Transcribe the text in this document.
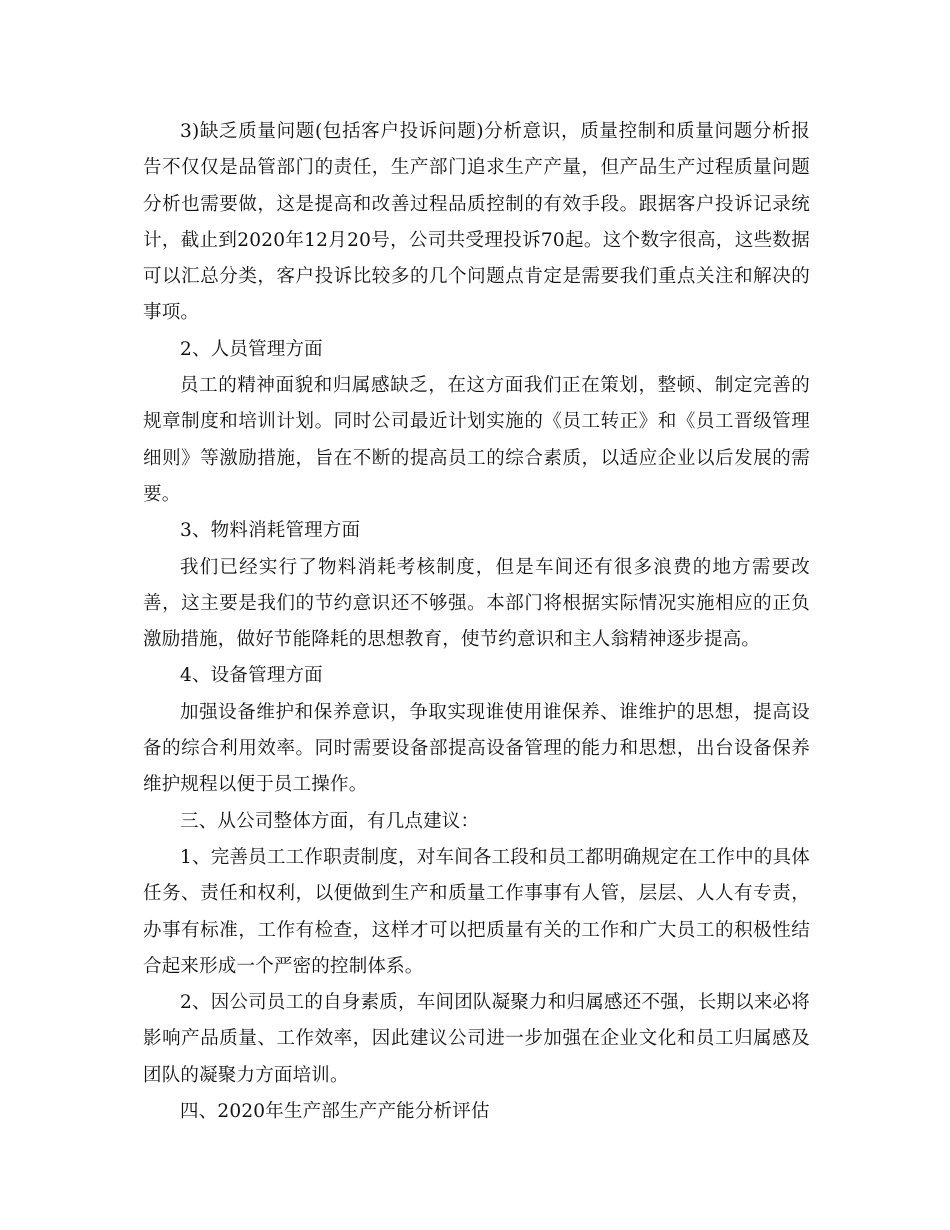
3)缺乏质量问题(包括客户投诉问题)分析意识，质量控制和质量问题分析报告不仅仅是品管部门的责任，生产部门追求生产产量，但产品生产过程质量问题分析也需要做，这是提高和改善过程品质控制的有效手段。跟据客户投诉记录统计，截止到2020年12月20号，公司共受理投诉70起。这个数字很高，这些数据可以汇总分类，客户投诉比较多的几个问题点肯定是需要我们重点关注和解决的事项。

2、人员管理方面

员工的精神面貌和归属感缺乏，在这方面我们正在策划，整顿、制定完善的规章制度和培训计划。同时公司最近计划实施的《员工转正》和《员工晋级管理细则》等激励措施，旨在不断的提高员工的综合素质，以适应企业以后发展的需要。

3、物料消耗管理方面

我们已经实行了物料消耗考核制度，但是车间还有很多浪费的地方需要改善，这主要是我们的节约意识还不够强。本部门将根据实际情况实施相应的正负激励措施，做好节能降耗的思想教育，使节约意识和主人翁精神逐步提高。

4、设备管理方面

加强设备维护和保养意识，争取实现谁使用谁保养、谁维护的思想，提高设备的综合利用效率。同时需要设备部提高设备管理的能力和思想，出台设备保养维护规程以便于员工操作。

三、从公司整体方面，有几点建议：

1、完善员工工作职责制度，对车间各工段和员工都明确规定在工作中的具体任务、责任和权利，以便做到生产和质量工作事事有人管，层层、人人有专责，办事有标准，工作有检查，这样才可以把质量有关的工作和广大员工的积极性结合起来形成一个严密的控制体系。

2、因公司员工的自身素质，车间团队凝聚力和归属感还不强，长期以来必将影响产品质量、工作效率，因此建议公司进一步加强在企业文化和员工归属感及团队的凝聚力方面培训。

四、2020年生产部生产产能分析评估
